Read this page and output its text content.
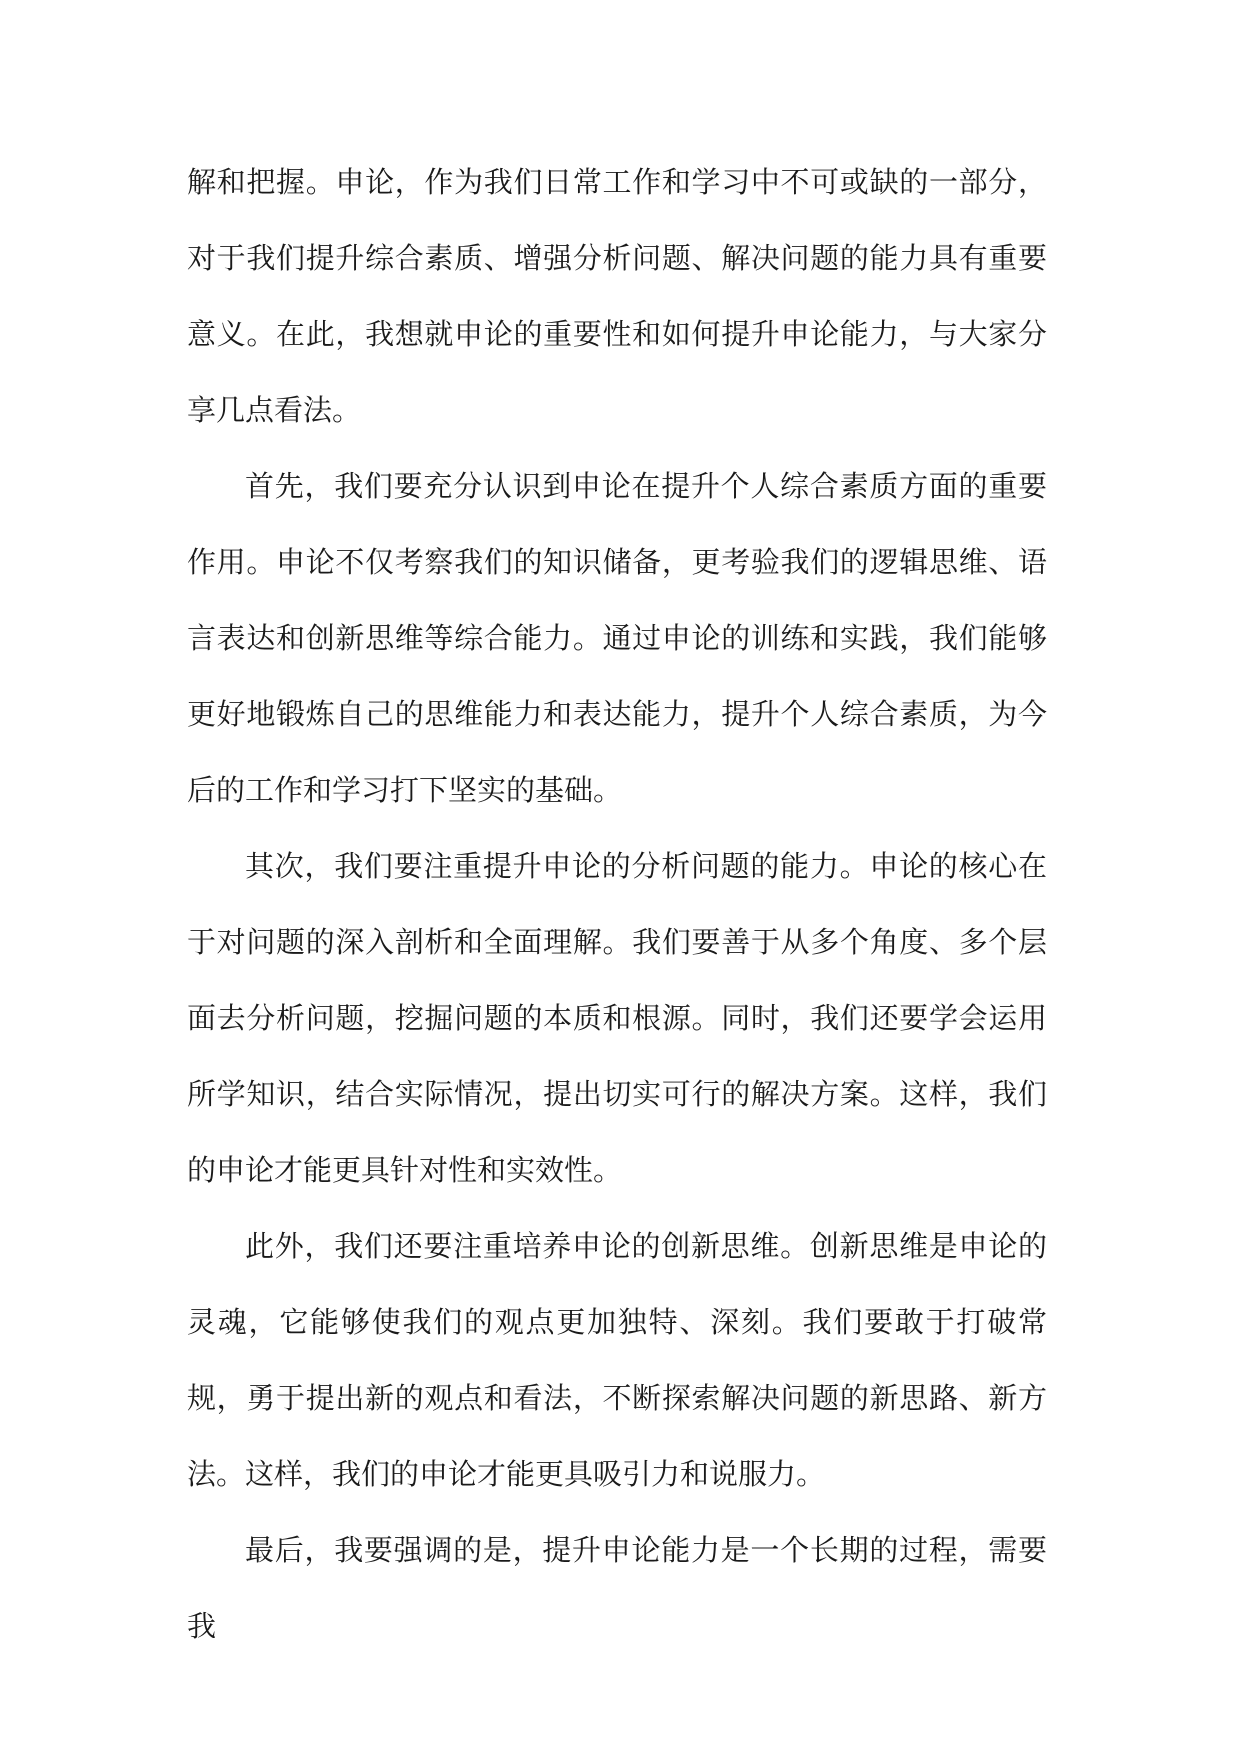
解和把握。申论，作为我们日常工作和学习中不可或缺的一部分，对于我们提升综合素质、增强分析问题、解决问题的能力具有重要意义。在此，我想就申论的重要性和如何提升申论能力，与大家分享几点看法。

首先，我们要充分认识到申论在提升个人综合素质方面的重要作用。申论不仅考察我们的知识储备，更考验我们的逻辑思维、语言表达和创新思维等综合能力。通过申论的训练和实践，我们能够更好地锻炼自己的思维能力和表达能力，提升个人综合素质，为今后的工作和学习打下坚实的基础。

其次，我们要注重提升申论的分析问题的能力。申论的核心在于对问题的深入剖析和全面理解。我们要善于从多个角度、多个层面去分析问题，挖掘问题的本质和根源。同时，我们还要学会运用所学知识，结合实际情况，提出切实可行的解决方案。这样，我们的申论才能更具针对性和实效性。

此外，我们还要注重培养申论的创新思维。创新思维是申论的灵魂，它能够使我们的观点更加独特、深刻。我们要敢于打破常规，勇于提出新的观点和看法，不断探索解决问题的新思路、新方法。这样，我们的申论才能更具吸引力和说服力。

最后，我要强调的是，提升申论能力是一个长期的过程，需要我
